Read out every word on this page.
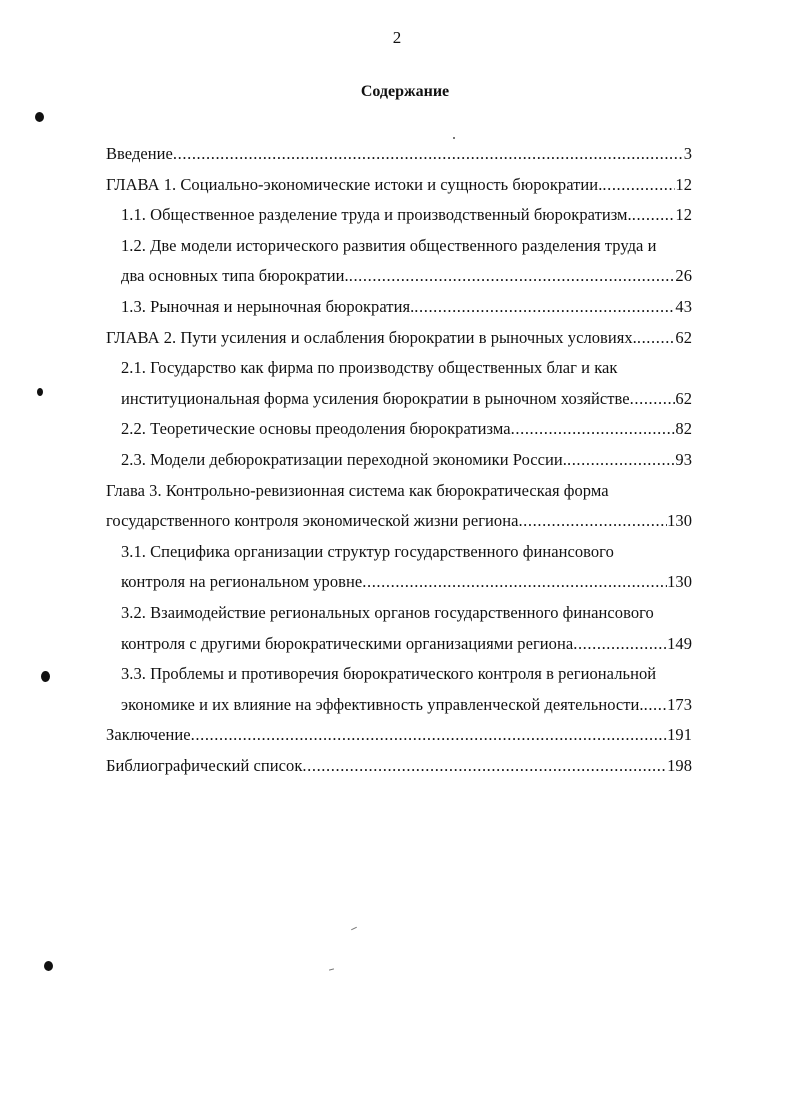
2
Содержание
Введение .....	3
ГЛАВА 1. Социально-экономические истоки и сущность бюрократии. .....	12
1.1. Общественное разделение труда и производственный бюрократизм. .....	12
1.2. Две модели исторического развития общественного разделения труда и
два основных типа бюрократии. .....	26
1.3. Рыночная и нерыночная бюрократия. .....	43
ГЛАВА 2. Пути усиления и ослабления бюрократии в рыночных условиях. ..... 62
2.1. Государство как фирма по производству общественных благ и как
институциональная форма усиления бюрократии в рыночном хозяйстве .....	62
2.2. Теоретические основы преодоления бюрократизма .....	82
2.3. Модели дебюрократизации переходной экономики России. .....	93
Глава 3. Контрольно-ревизионная система как бюрократическая форма
государственного контроля экономической жизни региона .....	130
3.1. Специфика организации структур государственного финансового
контроля на региональном уровне .....	130
3.2. Взаимодействие региональных органов государственного финансового
контроля с другими бюрократическими организациями региона .....	149
3.3. Проблемы и противоречия бюрократического контроля в региональной
экономике и их влияние на эффективность управленческой деятельности. ..... 173
Заключение .....	191
Библиографический список .....	198
